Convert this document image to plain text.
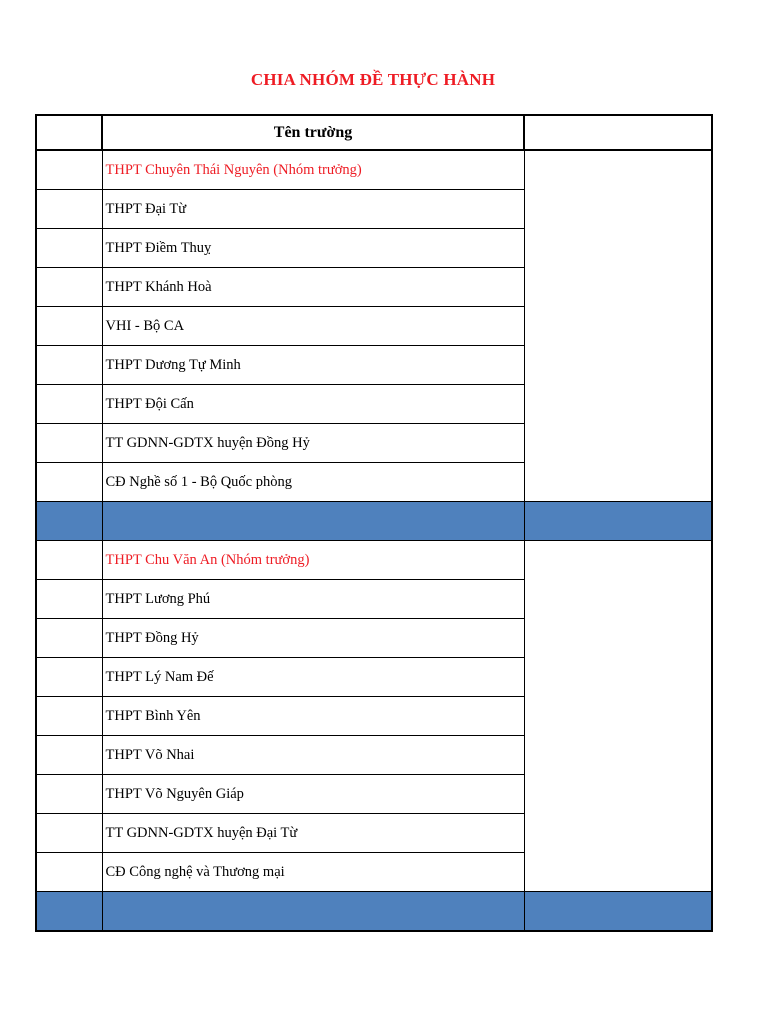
CHIA NHÓM ĐỀ THỰC HÀNH
	Tên trường	
	THPT Chuyên Thái Nguyên (Nhóm trưởng)	
	THPT Đại Từ	
	THPT Điềm Thuỵ	
	THPT Khánh Hoà	
	VHI - Bộ CA	
	THPT Dương Tự Minh	
	THPT Đội Cấn	
	TT GDNN-GDTX huyện Đồng Hỷ	
	CĐ Nghề số 1 - Bộ Quốc phòng	

	THPT Chu Văn An (Nhóm trưởng)	
	THPT Lương Phú	
	THPT Đồng Hỷ	
	THPT Lý Nam Đế	
	THPT Bình Yên	
	THPT Võ Nhai	
	THPT Võ Nguyên Giáp	
	TT GDNN-GDTX huyện Đại Từ	
	CĐ Công nghệ và Thương mại	
